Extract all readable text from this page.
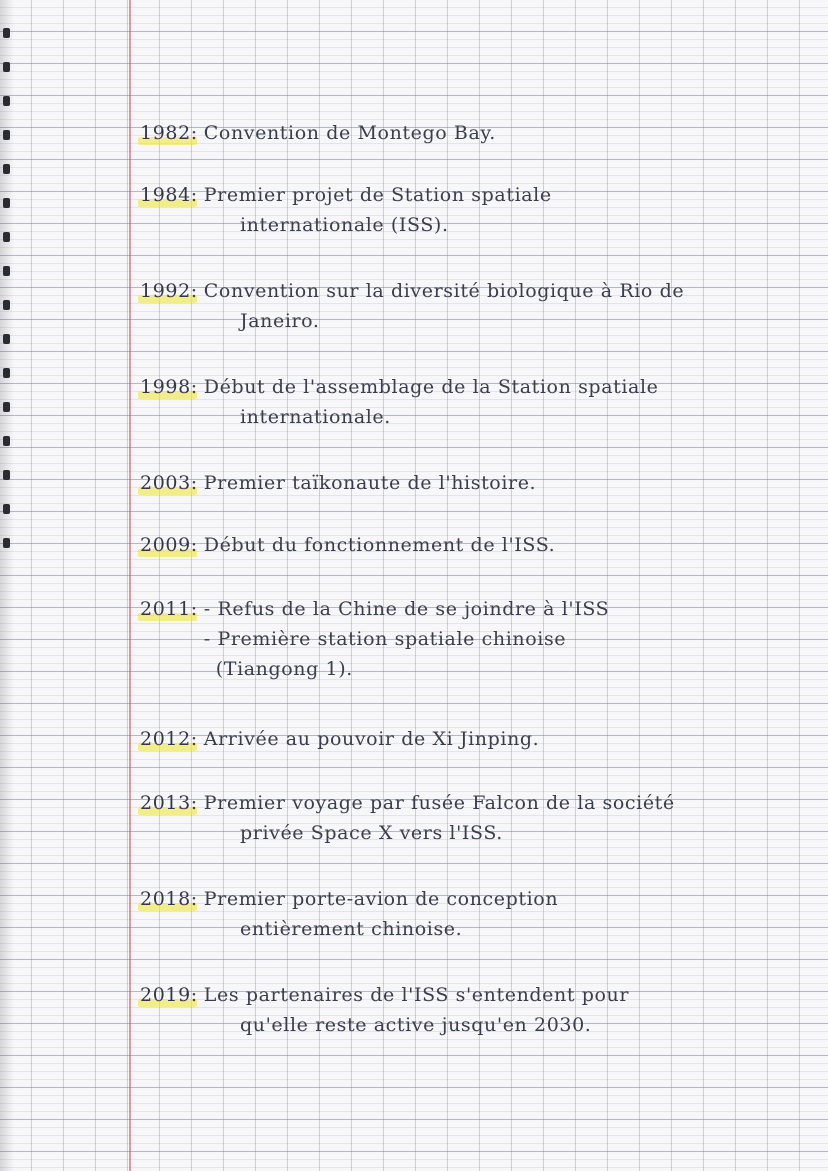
1982: Convention de Montego Bay.
1984: Premier projet de Station spatiale
internationale (ISS).
1992: Convention sur la diversité biologique à Rio de
Janeiro.
1998: Début de l'assemblage de la Station spatiale
internationale.
2003: Premier taïkonaute de l'histoire.
2009: Début du fonctionnement de l'ISS.
2011: - Refus de la Chine de se joindre à l'ISS
- Première station spatiale chinoise
(Tiangong 1).
2012: Arrivée au pouvoir de Xi Jinping.
2013: Premier voyage par fusée Falcon de la société
privée Space X vers l'ISS.
2018: Premier porte-avion de conception
entièrement chinoise.
2019: Les partenaires de l'ISS s'entendent pour
qu'elle reste active jusqu'en 2030.
